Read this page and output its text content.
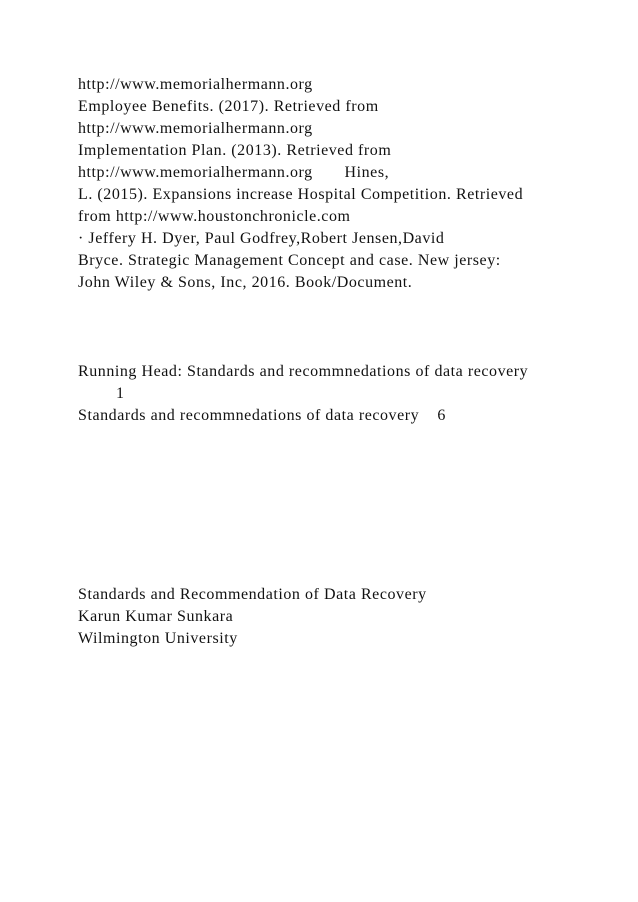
http://www.memorialhermann.org
Employee Benefits. (2017). Retrieved from
http://www.memorialhermann.org
Implementation Plan. (2013). Retrieved from
http://www.memorialhermann.org       Hines,
L. (2015). Expansions increase Hospital Competition. Retrieved
from http://www.houstonchronicle.com
· Jeffery H. Dyer, Paul Godfrey,Robert Jensen,David
Bryce. Strategic Management Concept and case. New jersey:
John Wiley & Sons, Inc, 2016. Book/Document.
Running Head: Standards and recommnedations of data recovery
1
Standards and recommnedations of data recovery    6
Standards and Recommendation of Data Recovery
Karun Kumar Sunkara
Wilmington University
